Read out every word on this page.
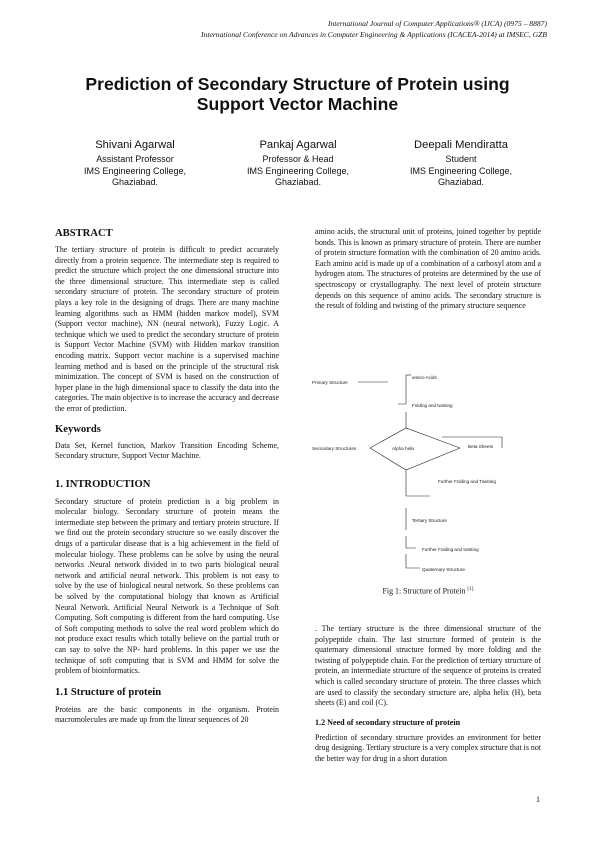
International Journal of Computer Applications® (IJCA) (0975 – 8887)
International Conference on Advances in Computer Engineering & Applications (ICACEA-2014) at IMSEC, GZB
Prediction of Secondary Structure of Protein using
Support Vector Machine
Shivani Agarwal
Assistant Professor
IMS Engineering College,
Ghaziabad.
Pankaj Agarwal
Professor & Head
IMS Engineering College,
Ghaziabad.
Deepali Mendiratta
Student
IMS Engineering College,
Ghaziabad.
ABSTRACT

The tertiary structure of protein is difficult to predict accurately directly from a protein sequence. The intermediate step is required to predict the structure which project the one dimensional structure into the three dimensional structure. This intermediate step is called secondary structure of protein. The secondary structure of protein plays a key role in the designing of drugs. There are many machine learning algorithms such as HMM (hidden markov model), SVM (Support vector machine), NN (neural network), Fuzzy Logic. A technique which we used to predict the secondary structure of protein is Support Vector Machine (SVM) with Hidden markov transition encoding matrix. Support vector machine is a supervised machine learning method and is based on the principle of the structural risk minimization. The concept of SVM is based on the construction of hyper plane in the high dimensional space to classify the data into the categories. The main objective is to increase the accuracy and decrease the error of prediction.

Keywords

Data Set, Kernel function, Markov Transition Encoding Scheme, Secondary structure, Support Vector Machine.

1. INTRODUCTION

Secondary structure of protein prediction is a big problem in molecular biology. Secondary structure of protein means the intermediate step between the primary and tertiary protein structure. If we find out the protein secondary structure so we easily discover the drugs of a particular disease that is a big achievement in the field of molecular biology. These problems can be solve by using the neural networks .Neural network divided in to two parts biological neural network and artificial neural network. This problem is not easy to solve by the use of biological neural network. So these problems can be solved by the computational biology that known as Artificial Neural Network. Artificial Neural Network is a Technique of Soft Computing. Soft computing is different from the hard computing. Use of Soft computing methods to solve the real word problem which do not produce exact results which totally believe on the partial truth or can say to solve the NP- hard problems. In this paper we use the technique of soft computing that is SVM and HMM for solve the problem of bioinformatics.

1.1 Structure of protein

Proteins are the basic components in the organism. Protein macromolecules are made up from the linear sequences of 20

amino acids, the structural unit of proteins, joined together by peptide bonds. This is known as primary structure of protein. There are number of protein structure formation with the combination of 20 amino acids. Each amino acid is made up of a combination of a carboxyl atom and a hydrogen atom. The structures of proteins are determined by the use of spectroscopy or crystallography. The next level of protein structure depends on this sequence of amino acids. The secondary structure is the result of folding and twisting of the primary structure sequence

Primary Structure
amino Acids
Folding and twisting
Secondary Structures	Alpha helix	Beta Sheets
Further Folding and Twisting
Tertiary Structure
Further Folding and twisting
Quaternary Structure
Fig 1: Structure of Protein [1]

. The tertiary structure is the three dimensional structure of the polypeptide chain. The last structure formed of protein is the quaternary dimensional structure formed by more folding and the twisting of polypeptide chain. For the prediction of tertiary structure of protein, an intermediate structure of the sequence of proteins is created which is called secondary structure of protein. The three classes which are used to classify the secondary structure are, alpha helix (H), beta sheets (E) and coil (C).

1.2 Need of secondary structure of protein

Prediction of secondary structure provides an environment for better drug designing. Tertiary structure is a very complex structure that is not the better way for drug in a short duration

1
